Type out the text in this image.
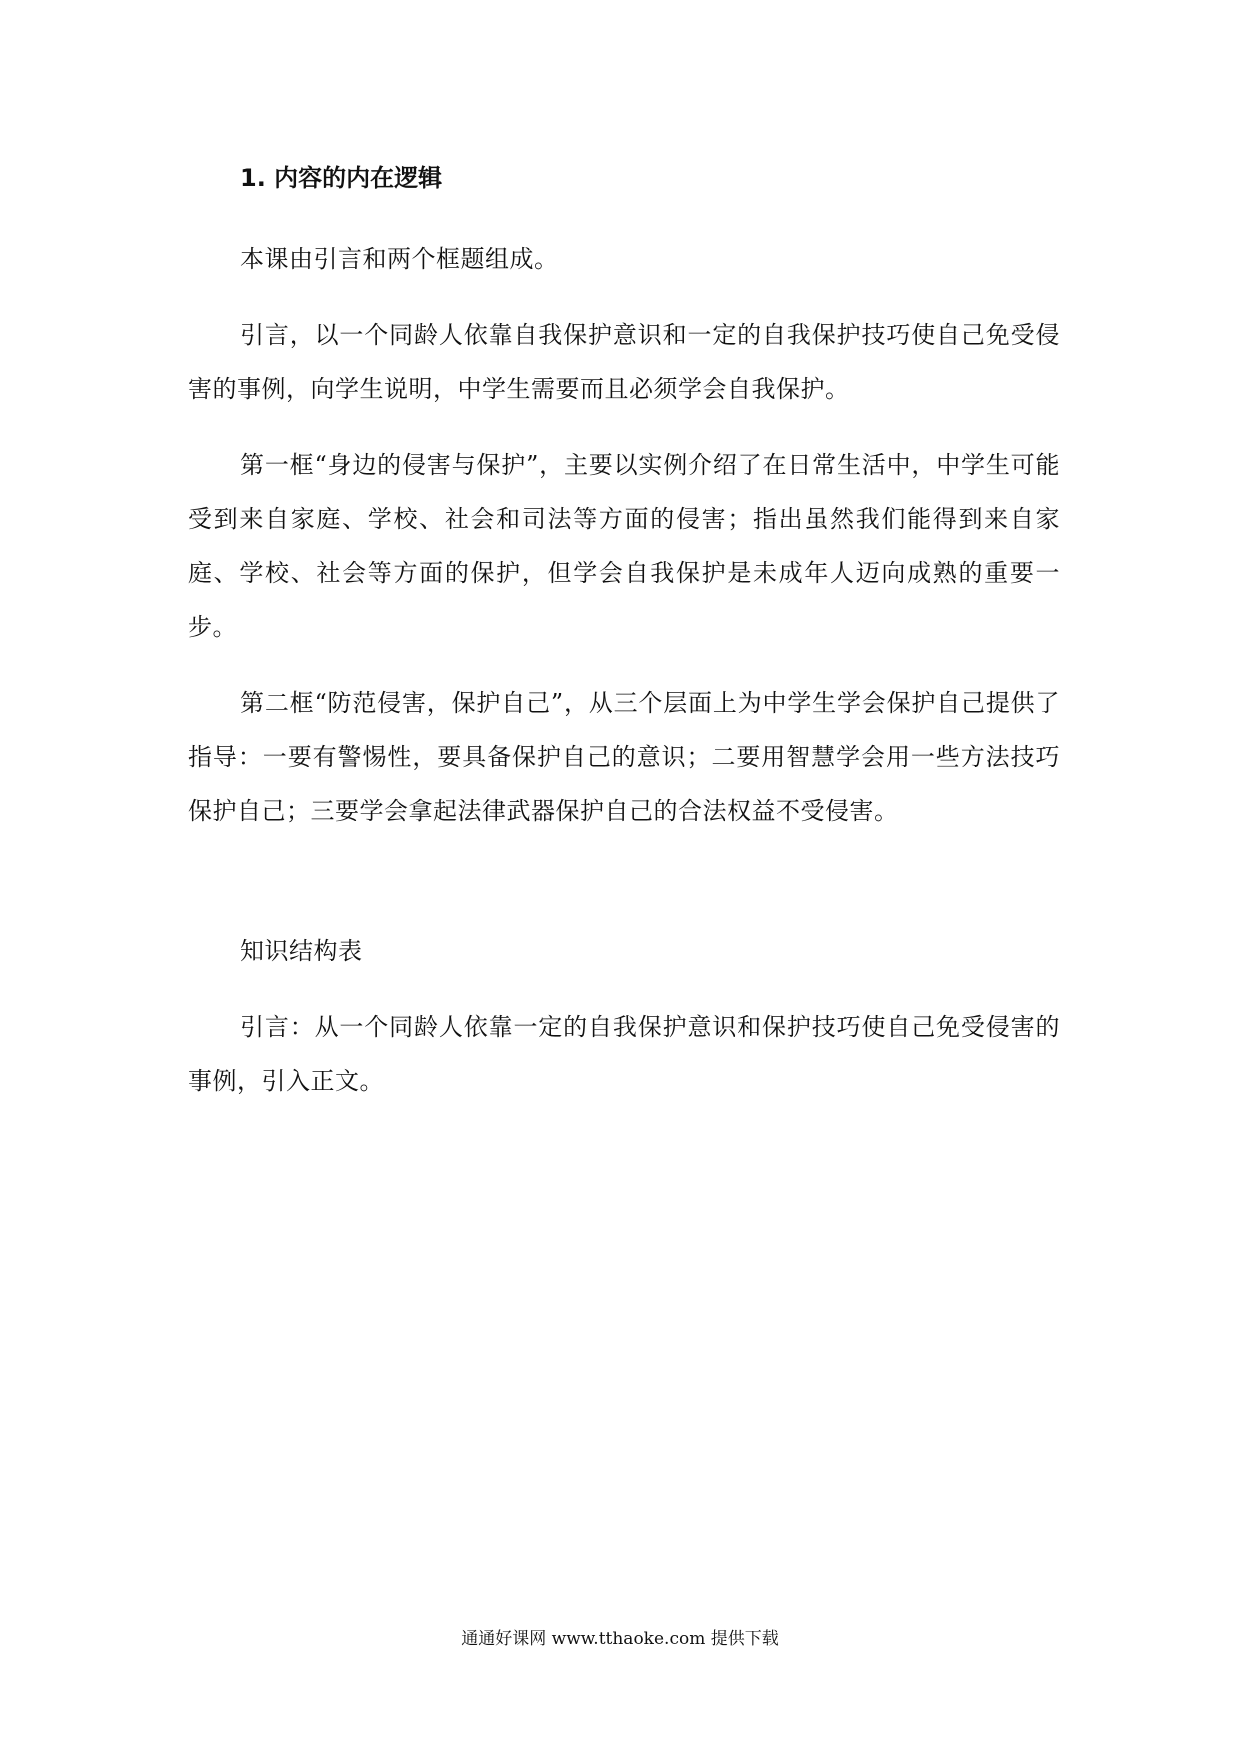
1. 内容的内在逻辑

本课由引言和两个框题组成。

引言，以一个同龄人依靠自我保护意识和一定的自我保护技巧使自己免受侵害的事例，向学生说明，中学生需要而且必须学会自我保护。

第一框“身边的侵害与保护”，主要以实例介绍了在日常生活中，中学生可能受到来自家庭、学校、社会和司法等方面的侵害；指出虽然我们能得到来自家庭、学校、社会等方面的保护，但学会自我保护是未成年人迈向成熟的重要一步。

第二框“防范侵害，保护自己”，从三个层面上为中学生学会保护自己提供了指导：一要有警惕性，要具备保护自己的意识；二要用智慧学会用一些方法技巧保护自己；三要学会拿起法律武器保护自己的合法权益不受侵害。

知识结构表

引言：从一个同龄人依靠一定的自我保护意识和保护技巧使自己免受侵害的事例，引入正文。

通通好课网 www.tthaoke.com 提供下载
